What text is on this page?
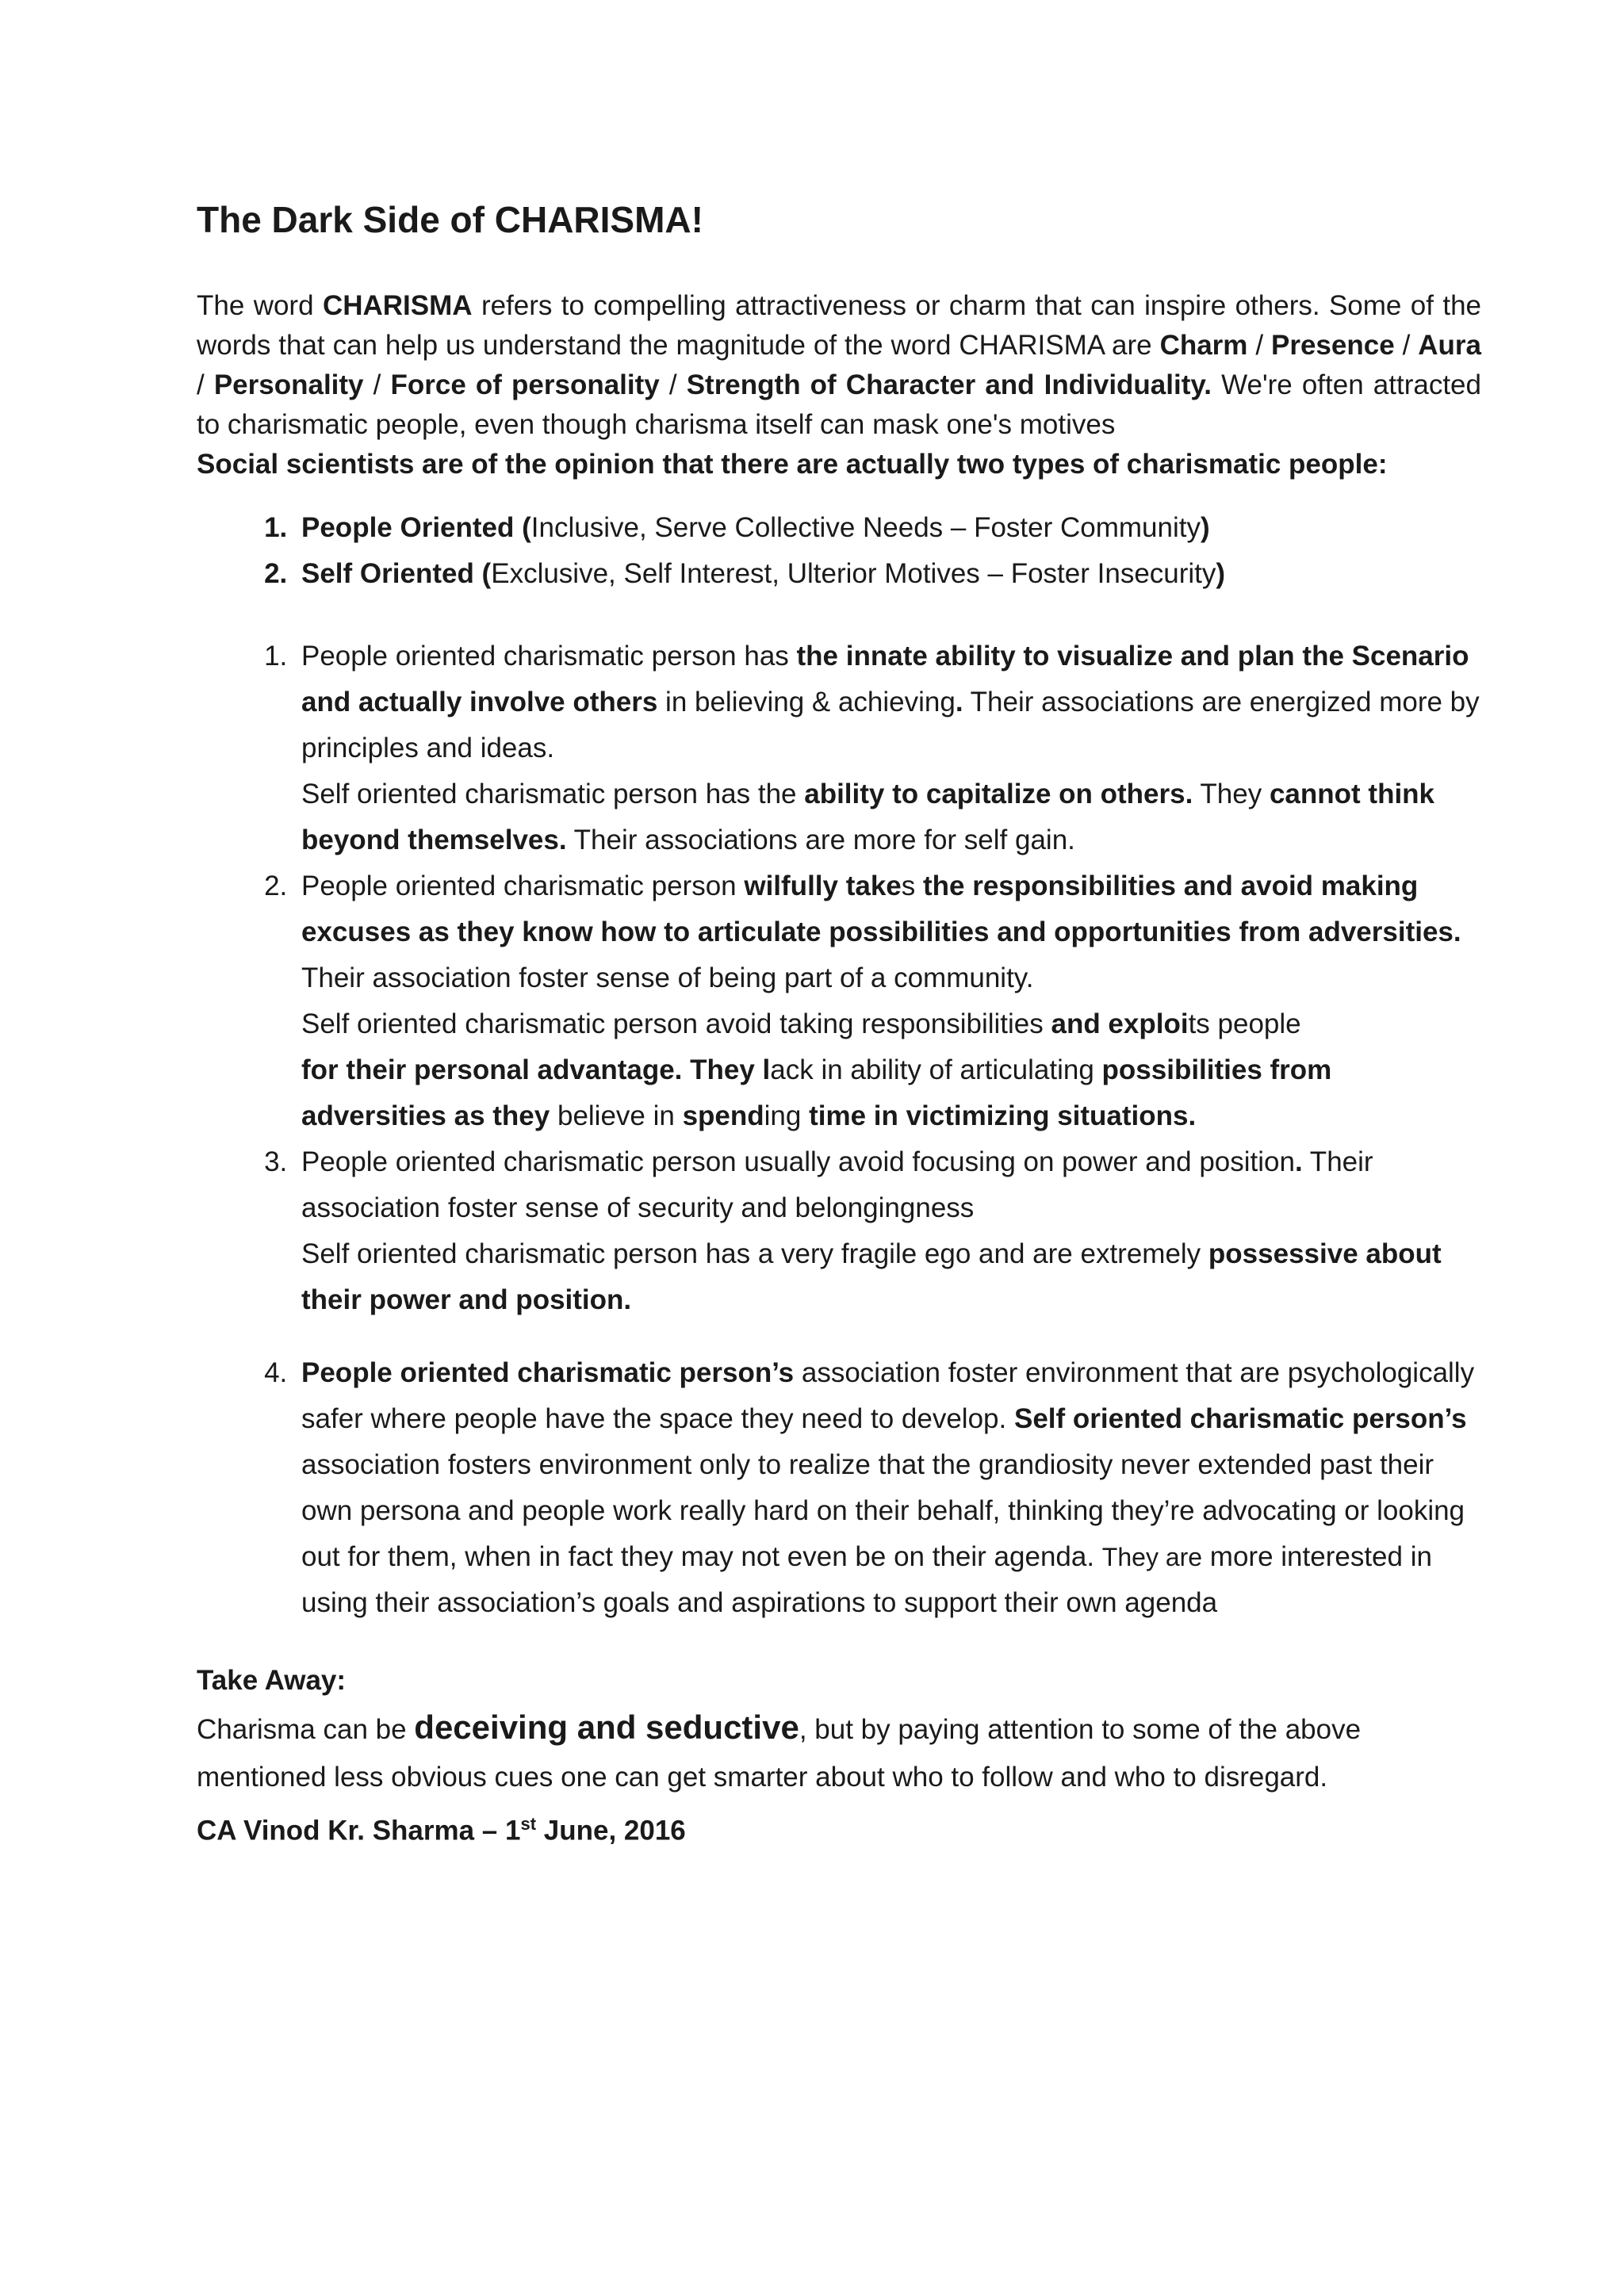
The Dark Side of CHARISMA!

The word CHARISMA refers to compelling attractiveness or charm that can inspire others. Some of the words that can help us understand the magnitude of the word CHARISMA are Charm / Presence / Aura / Personality / Force of personality / Strength of Character and Individuality. We're often attracted to charismatic people, even though charisma itself can mask one's motives

Social scientists are of the opinion that there are actually two types of charismatic people:

1. People Oriented (Inclusive, Serve Collective Needs – Foster Community)
2. Self Oriented (Exclusive, Self Interest, Ulterior Motives – Foster Insecurity)

1. People oriented charismatic person has the innate ability to visualize and plan the Scenario and actually involve others in believing & achieving. Their associations are energized more by principles and ideas.

Self oriented charismatic person has the ability to capitalize on others. They cannot think beyond themselves. Their associations are more for self gain.

2. People oriented charismatic person wilfully takes the responsibilities and avoid making excuses as they know how to articulate possibilities and opportunities from adversities. Their association foster sense of being part of a community.

Self oriented charismatic person avoid taking responsibilities and exploits people

for their personal advantage. They lack in ability of articulating possibilities from adversities as they believe in spending time in victimizing situations.

3. People oriented charismatic person usually avoid focusing on power and position. Their association foster sense of security and belongingness

Self oriented charismatic person has a very fragile ego and are extremely possessive about their power and position.

4. People oriented charismatic person’s association foster environment that are psychologically safer where people have the space they need to develop. Self oriented charismatic person’s association fosters environment only to realize that the grandiosity never extended past their own persona and people work really hard on their behalf, thinking they’re advocating or looking out for them, when in fact they may not even be on their agenda. They are more interested in using their association’s goals and aspirations to support their own agenda

Take Away:

Charisma can be deceiving and seductive, but by paying attention to some of the above mentioned less obvious cues one can get smarter about who to follow and who to disregard.

CA Vinod Kr. Sharma – 1st June, 2016
